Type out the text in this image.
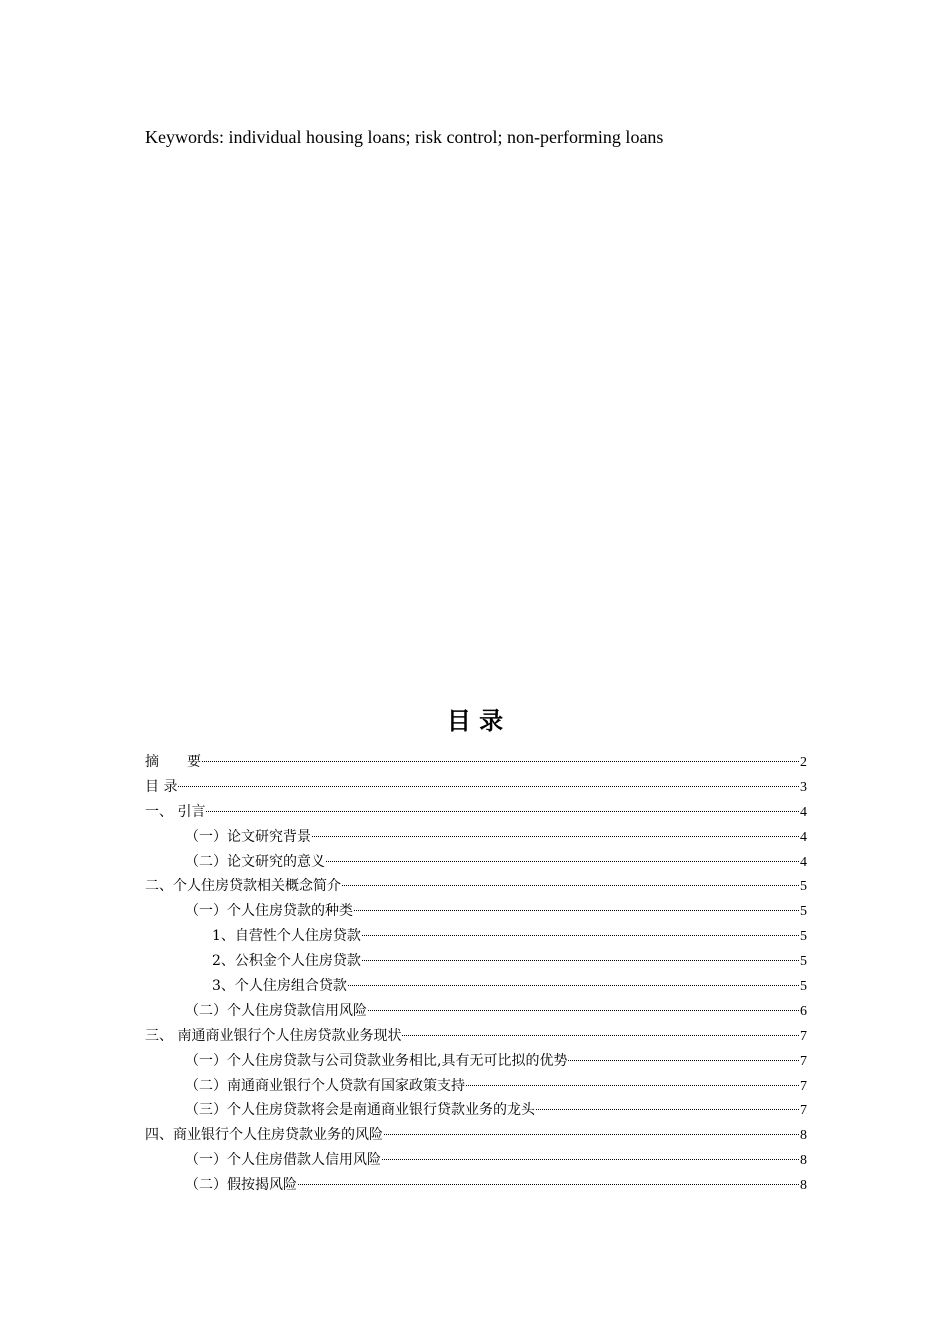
Keywords: individual housing loans; risk control; non-performing loans
目 录
摘　　要	2
目 录	3
一、 引言	4
（一）论文研究背景	4
（二）论文研究的意义	4
二、个人住房贷款相关概念简介	5
（一）个人住房贷款的种类	5
1、自营性个人住房贷款	5
2、公积金个人住房贷款	5
3、个人住房组合贷款	5
（二）个人住房贷款信用风险	6
三、 南通商业银行个人住房贷款业务现状	7
（一）个人住房贷款与公司贷款业务相比,具有无可比拟的优势	7
（二）南通商业银行个人贷款有国家政策支持	7
（三）个人住房贷款将会是南通商业银行贷款业务的龙头	7
四、商业银行个人住房贷款业务的风险	8
（一）个人住房借款人信用风险	8
（二）假按揭风险	8
